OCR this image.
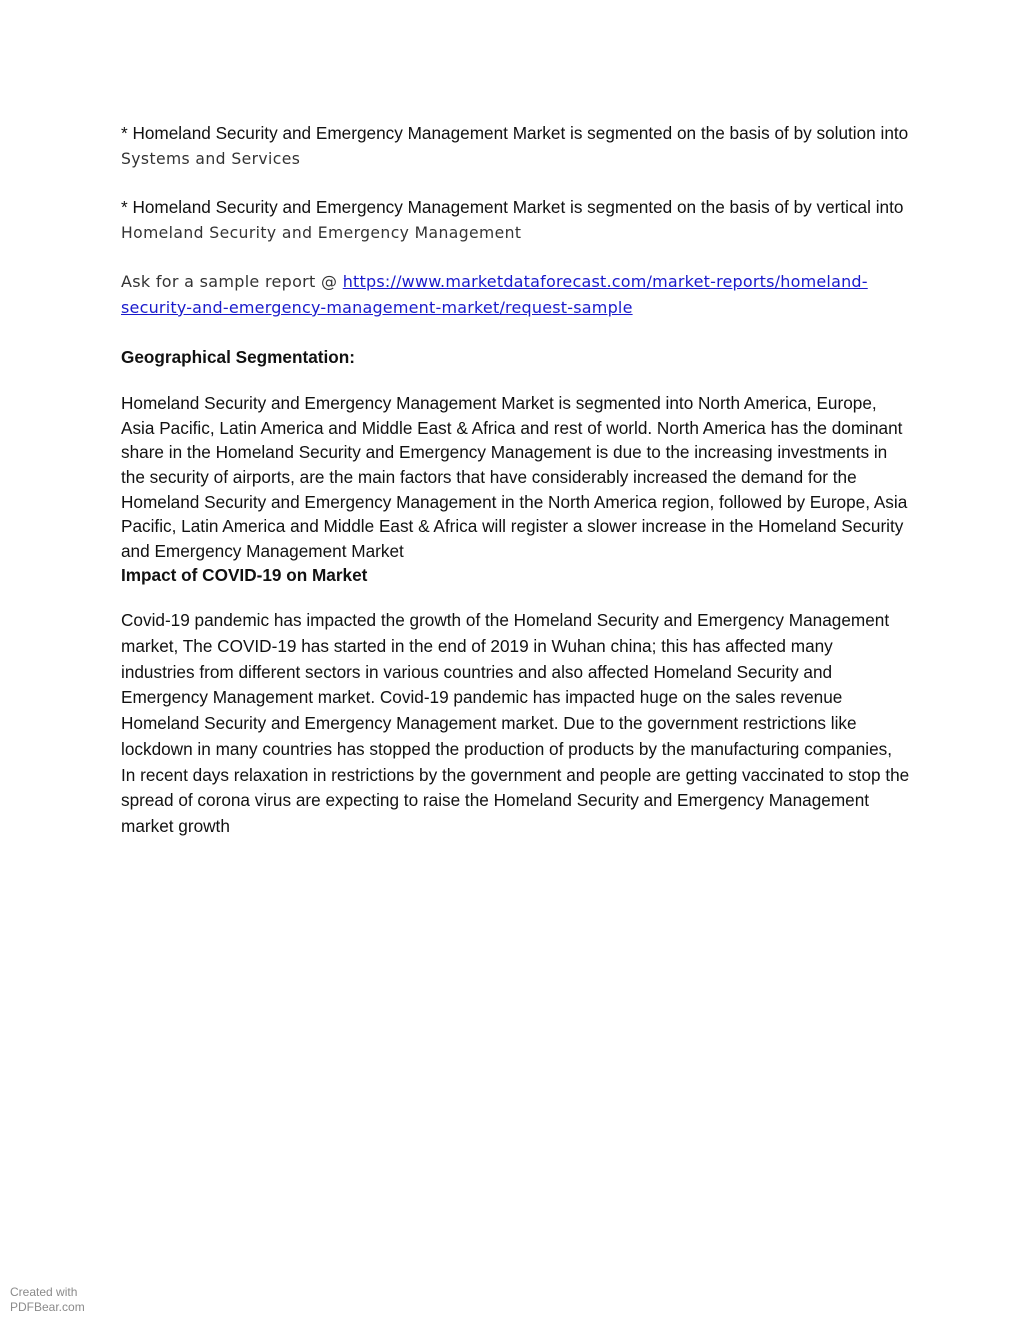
* Homeland Security and Emergency Management Market is segmented on the basis of by solution into Systems and Services

* Homeland Security and Emergency Management Market is segmented on the basis of by vertical into Homeland Security and Emergency Management

Ask for a sample report @ https://www.marketdataforecast.com/market-reports/homeland-security-and-emergency-management-market/request-sample

Geographical Segmentation:

Homeland Security and Emergency Management Market is segmented into North America, Europe, Asia Pacific, Latin America and Middle East & Africa and rest of world. North America has the dominant share in the Homeland Security and Emergency Management is due to the increasing investments in the security of airports, are the main factors that have considerably increased the demand for the Homeland Security and Emergency Management in the North America region, followed by Europe, Asia Pacific, Latin America and Middle East & Africa will register a slower increase in the Homeland Security and Emergency Management Market

Impact of COVID-19 on Market

Covid-19 pandemic has impacted the growth of the Homeland Security and Emergency Management market, The COVID-19 has started in the end of 2019 in Wuhan china; this has affected many industries from different sectors in various countries and also affected Homeland Security and Emergency Management market. Covid-19 pandemic has impacted huge on the sales revenue Homeland Security and Emergency Management market. Due to the government restrictions like lockdown in many countries has stopped the production of products by the manufacturing companies, In recent days relaxation in restrictions by the government and people are getting vaccinated to stop the spread of corona virus are expecting to raise the Homeland Security and Emergency Management market growth

Created with
PDFBear.com
